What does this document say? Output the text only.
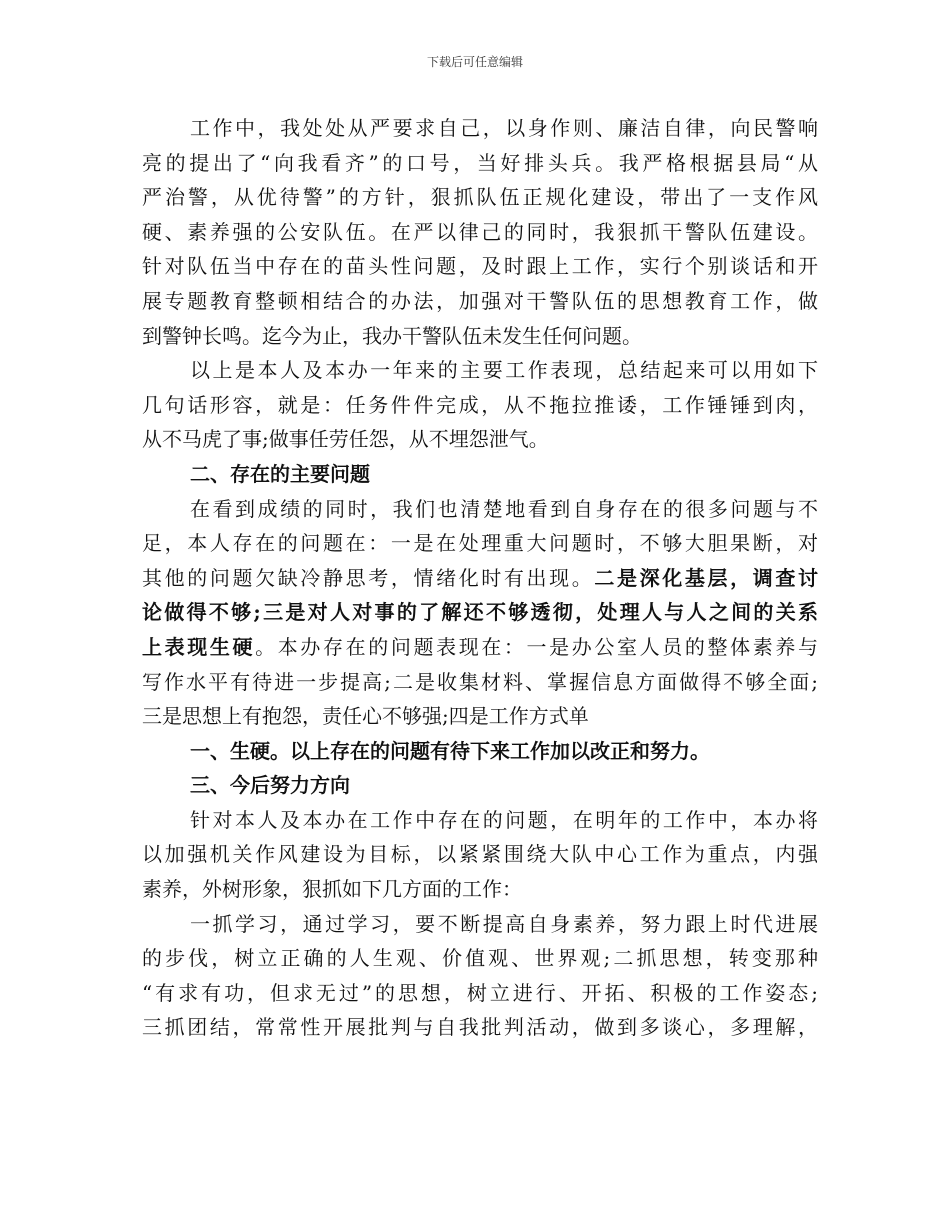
下载后可任意编辑
工作中，我处处从严要求自己，以身作则、廉洁自律，向民警响
亮的提出了“向我看齐”的口号，当好排头兵。我严格根据县局“从
严治警，从优待警”的方针，狠抓队伍正规化建设，带出了一支作风
硬、素养强的公安队伍。在严以律己的同时，我狠抓干警队伍建设。
针对队伍当中存在的苗头性问题，及时跟上工作，实行个别谈话和开
展专题教育整顿相结合的办法，加强对干警队伍的思想教育工作，做
到警钟长鸣。迄今为止，我办干警队伍未发生任何问题。
以上是本人及本办一年来的主要工作表现，总结起来可以用如下
几句话形容，就是：任务件件完成，从不拖拉推诿，工作锤锤到肉，
从不马虎了事;做事任劳任怨，从不埋怨泄气。
二、存在的主要问题
在看到成绩的同时，我们也清楚地看到自身存在的很多问题与不
足，本人存在的问题在：一是在处理重大问题时，不够大胆果断，对
其他的问题欠缺冷静思考，情绪化时有出现。二是深化基层，调查讨
论做得不够;三是对人对事的了解还不够透彻，处理人与人之间的关系
上表现生硬。本办存在的问题表现在：一是办公室人员的整体素养与
写作水平有待进一步提高;二是收集材料、掌握信息方面做得不够全面;
三是思想上有抱怨，责任心不够强;四是工作方式单
一、生硬。以上存在的问题有待下来工作加以改正和努力。
三、今后努力方向
针对本人及本办在工作中存在的问题，在明年的工作中，本办将
以加强机关作风建设为目标，以紧紧围绕大队中心工作为重点，内强
素养，外树形象，狠抓如下几方面的工作：
一抓学习，通过学习，要不断提高自身素养，努力跟上时代进展
的步伐，树立正确的人生观、价值观、世界观;二抓思想，转变那种
“有求有功，但求无过”的思想，树立进行、开拓、积极的工作姿态;
三抓团结，常常性开展批判与自我批判活动，做到多谈心，多理解，
